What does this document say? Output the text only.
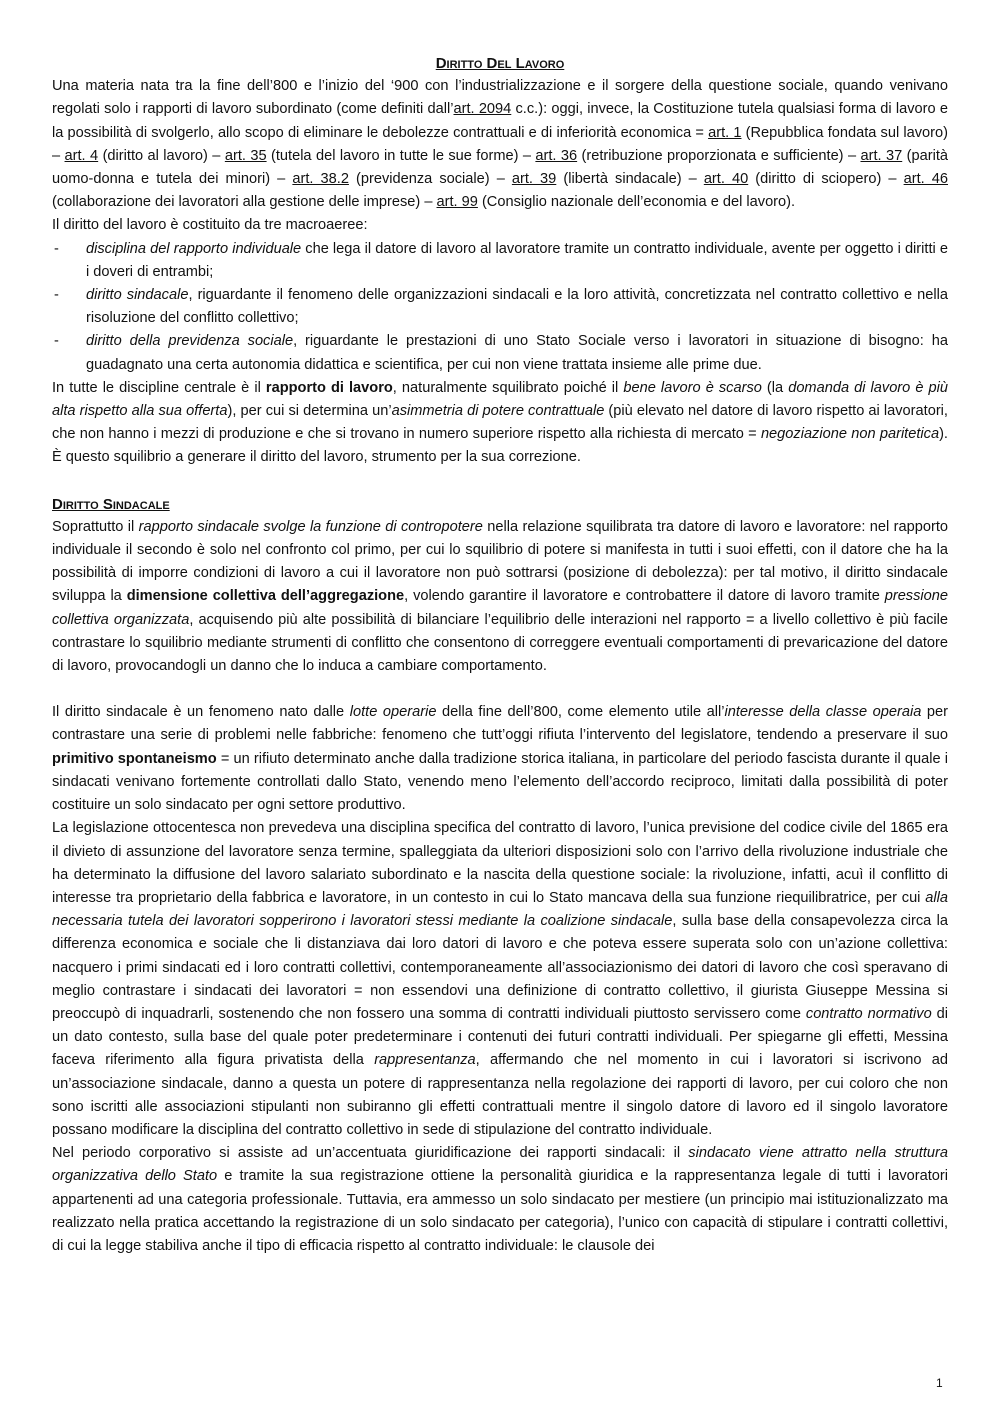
Diritto Del Lavoro

Una materia nata tra la fine dell’800 e l’inizio del ‘900 con l’industrializzazione e il sorgere della questione sociale, quando venivano regolati solo i rapporti di lavoro subordinato (come definiti dall’art. 2094 c.c.): oggi, invece, la Costituzione tutela qualsiasi forma di lavoro e la possibilità di svolgerlo, allo scopo di eliminare le debolezze contrattuali e di inferiorità economica = art. 1 (Repubblica fondata sul lavoro) – art. 4 (diritto al lavoro) – art. 35 (tutela del lavoro in tutte le sue forme) – art. 36 (retribuzione proporzionata e sufficiente) – art. 37 (parità uomo-donna e tutela dei minori) – art. 38.2 (previdenza sociale) – art. 39 (libertà sindacale) – art. 40 (diritto di sciopero) – art. 46 (collaborazione dei lavoratori alla gestione delle imprese) – art. 99 (Consiglio nazionale dell’economia e del lavoro).

Il diritto del lavoro è costituito da tre macroaeree:

- disciplina del rapporto individuale che lega il datore di lavoro al lavoratore tramite un contratto individuale, avente per oggetto i diritti e i doveri di entrambi;
- diritto sindacale, riguardante il fenomeno delle organizzazioni sindacali e la loro attività, concretizzata nel contratto collettivo e nella risoluzione del conflitto collettivo;
- diritto della previdenza sociale, riguardante le prestazioni di uno Stato Sociale verso i lavoratori in situazione di bisogno: ha guadagnato una certa autonomia didattica e scientifica, per cui non viene trattata insieme alle prime due.

In tutte le discipline centrale è il rapporto di lavoro, naturalmente squilibrato poiché il bene lavoro è scarso (la domanda di lavoro è più alta rispetto alla sua offerta), per cui si determina un’asimmetria di potere contrattuale (più elevato nel datore di lavoro rispetto ai lavoratori, che non hanno i mezzi di produzione e che si trovano in numero superiore rispetto alla richiesta di mercato = negoziazione non paritetica). È questo squilibrio a generare il diritto del lavoro, strumento per la sua correzione.

Diritto Sindacale

Soprattutto il rapporto sindacale svolge la funzione di contropotere nella relazione squilibrata tra datore di lavoro e lavoratore: nel rapporto individuale il secondo è solo nel confronto col primo, per cui lo squilibrio di potere si manifesta in tutti i suoi effetti, con il datore che ha la possibilità di imporre condizioni di lavoro a cui il lavoratore non può sottrarsi (posizione di debolezza): per tal motivo, il diritto sindacale sviluppa la dimensione collettiva dell’aggregazione, volendo garantire il lavoratore e controbattere il datore di lavoro tramite pressione collettiva organizzata, acquisendo più alte possibilità di bilanciare l’equilibrio delle interazioni nel rapporto = a livello collettivo è più facile contrastare lo squilibrio mediante strumenti di conflitto che consentono di correggere eventuali comportamenti di prevaricazione del datore di lavoro, provocandogli un danno che lo induca a cambiare comportamento.

Il diritto sindacale è un fenomeno nato dalle lotte operarie della fine dell’800, come elemento utile all’interesse della classe operaia per contrastare una serie di problemi nelle fabbriche: fenomeno che tutt’oggi rifiuta l’intervento del legislatore, tendendo a preservare il suo primitivo spontaneismo = un rifiuto determinato anche dalla tradizione storica italiana, in particolare del periodo fascista durante il quale i sindacati venivano fortemente controllati dallo Stato, venendo meno l’elemento dell’accordo reciproco, limitati dalla possibilità di poter costituire un solo sindacato per ogni settore produttivo.

La legislazione ottocentesca non prevedeva una disciplina specifica del contratto di lavoro, l’unica previsione del codice civile del 1865 era il divieto di assunzione del lavoratore senza termine, spalleggiata da ulteriori disposizioni solo con l’arrivo della rivoluzione industriale che ha determinato la diffusione del lavoro salariato subordinato e la nascita della questione sociale: la rivoluzione, infatti, acuì il conflitto di interesse tra proprietario della fabbrica e lavoratore, in un contesto in cui lo Stato mancava della sua funzione riequilibratrice, per cui alla necessaria tutela dei lavoratori sopperirono i lavoratori stessi mediante la coalizione sindacale, sulla base della consapevolezza circa la differenza economica e sociale che li distanziava dai loro datori di lavoro e che poteva essere superata solo con un’azione collettiva: nacquero i primi sindacati ed i loro contratti collettivi, contemporaneamente all’associazionismo dei datori di lavoro che così speravano di meglio contrastare i sindacati dei lavoratori = non essendovi una definizione di contratto collettivo, il giurista Giuseppe Messina si preoccupò di inquadrarli, sostenendo che non fossero una somma di contratti individuali piuttosto servissero come contratto normativo di un dato contesto, sulla base del quale poter predeterminare i contenuti dei futuri contratti individuali. Per spiegarne gli effetti, Messina faceva riferimento alla figura privatista della rappresentanza, affermando che nel momento in cui i lavoratori si iscrivono ad un’associazione sindacale, danno a questa un potere di rappresentanza nella regolazione dei rapporti di lavoro, per cui coloro che non sono iscritti alle associazioni stipulanti non subiranno gli effetti contrattuali mentre il singolo datore di lavoro ed il singolo lavoratore possano modificare la disciplina del contratto collettivo in sede di stipulazione del contratto individuale.

Nel periodo corporativo si assiste ad un’accentuata giuridificazione dei rapporti sindacali: il sindacato viene attratto nella struttura organizzativa dello Stato e tramite la sua registrazione ottiene la personalità giuridica e la rappresentanza legale di tutti i lavoratori appartenenti ad una categoria professionale. Tuttavia, era ammesso un solo sindacato per mestiere (un principio mai istituzionalizzato ma realizzato nella pratica accettando la registrazione di un solo sindacato per categoria), l’unico con capacità di stipulare i contratti collettivi, di cui la legge stabiliva anche il tipo di efficacia rispetto al contratto individuale: le clausole dei

1
